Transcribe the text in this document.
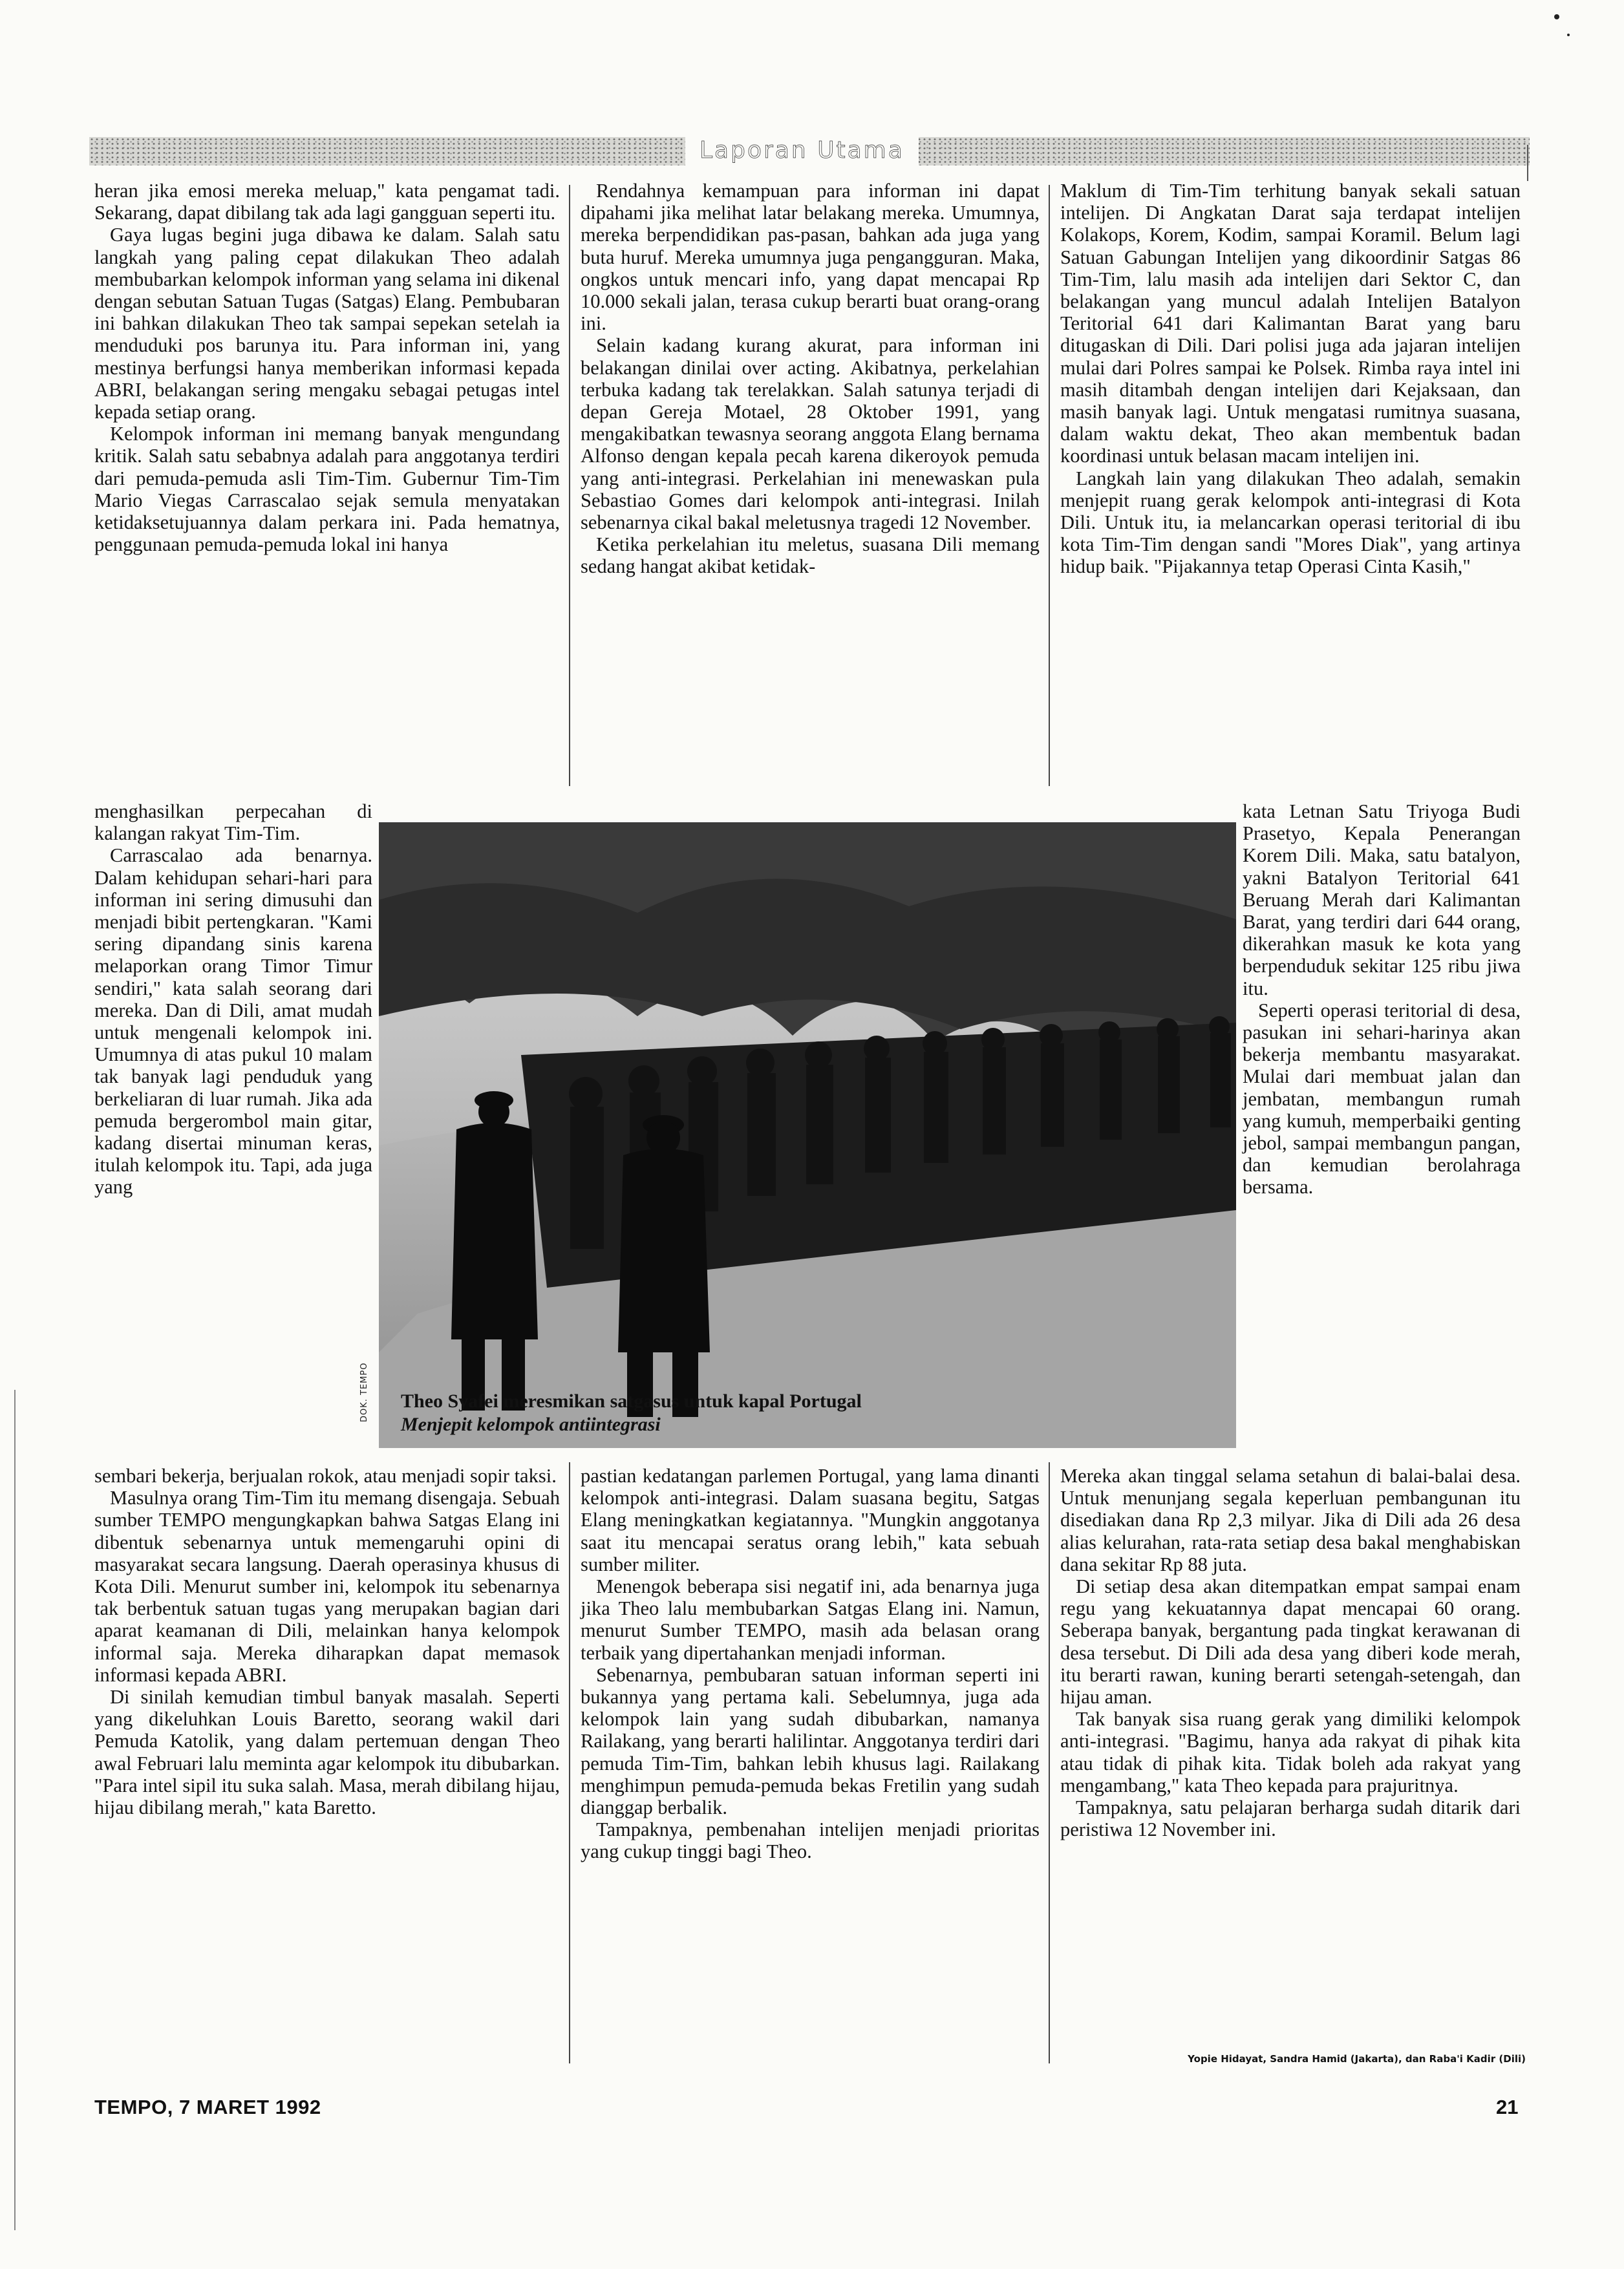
Laporan Utama

heran jika emosi mereka meluap," kata pengamat tadi. Sekarang, dapat dibilang tak ada lagi gangguan seperti itu.

Gaya lugas begini juga dibawa ke dalam. Salah satu langkah yang paling cepat dilakukan Theo adalah membubarkan kelompok informan yang selama ini dikenal dengan sebutan Satuan Tugas (Satgas) Elang. Pembubaran ini bahkan dilakukan Theo tak sampai sepekan setelah ia menduduki pos barunya itu. Para informan ini, yang mestinya berfungsi hanya memberikan informasi kepada ABRI, belakangan sering mengaku sebagai petugas intel kepada setiap orang.

Kelompok informan ini memang banyak mengundang kritik. Salah satu sebabnya adalah para anggotanya terdiri dari pemuda-pemuda asli Tim-Tim. Gubernur Tim-Tim Mario Viegas Carrascalao sejak semula menyatakan ketidaksetujuannya dalam perkara ini. Pada hematnya, penggunaan pemuda-pemuda lokal ini hanya

menghasilkan perpecahan di kalangan rakyat Tim-Tim.

Carrascalao ada benarnya. Dalam kehidupan sehari-hari para informan ini sering dimusuhi dan menjadi bibit pertengkaran. "Kami sering dipandang sinis karena melaporkan orang Timor Timur sendiri," kata salah seorang dari mereka. Dan di Dili, amat mudah untuk mengenali kelompok ini. Umumnya di atas pukul 10 malam tak banyak lagi penduduk yang berkeliaran di luar rumah. Jika ada pemuda bergerombol main gitar, kadang disertai minuman keras, itulah kelompok itu. Tapi, ada juga yang

Rendahnya kemampuan para informan ini dapat dipahami jika melihat latar belakang mereka. Umumnya, mereka berpendidikan pas-pasan, bahkan ada juga yang buta huruf. Mereka umumnya juga pengangguran. Maka, ongkos untuk mencari info, yang dapat mencapai Rp 10.000 sekali jalan, terasa cukup berarti buat orang-orang ini.

Selain kadang kurang akurat, para informan ini belakangan dinilai over acting. Akibatnya, perkelahian terbuka kadang tak terelakkan. Salah satunya terjadi di depan Gereja Motael, 28 Oktober 1991, yang mengakibatkan tewasnya seorang anggota Elang bernama Alfonso dengan kepala pecah karena dikeroyok pemuda yang anti-integrasi. Perkelahian ini menewaskan pula Sebastiao Gomes dari kelompok anti-integrasi. Inilah sebenarnya cikal bakal meletusnya tragedi 12 November.

Ketika perkelahian itu meletus, suasana Dili memang sedang hangat akibat ketidak-

Maklum di Tim-Tim terhitung banyak sekali satuan intelijen. Di Angkatan Darat saja terdapat intelijen Kolakops, Korem, Kodim, sampai Koramil. Belum lagi Satuan Gabungan Intelijen yang dikoordinir Satgas 86 Tim-Tim, lalu masih ada intelijen dari Sektor C, dan belakangan yang muncul adalah Intelijen Batalyon Teritorial 641 dari Kalimantan Barat yang baru ditugaskan di Dili. Dari polisi juga ada jajaran intelijen mulai dari Polres sampai ke Polsek. Rimba raya intel ini masih ditambah dengan intelijen dari Kejaksaan, dan masih banyak lagi. Untuk mengatasi rumitnya suasana, dalam waktu dekat, Theo akan membentuk badan koordinasi untuk belasan macam intelijen ini.

Langkah lain yang dilakukan Theo adalah, semakin menjepit ruang gerak kelompok anti-integrasi di Kota Dili. Untuk itu, ia melancarkan operasi teritorial di ibu kota Tim-Tim dengan sandi "Mores Diak", yang artinya hidup baik. "Pijakannya tetap Operasi Cinta Kasih,"

kata Letnan Satu Triyoga Budi Prasetyo, Kepala Penerangan Korem Dili. Maka, satu batalyon, yakni Batalyon Teritorial 641 Beruang Merah dari Kalimantan Barat, yang terdiri dari 644 orang, dikerahkan masuk ke kota yang berpenduduk sekitar 125 ribu jiwa itu.

Seperti operasi teritorial di desa, pasukan ini sehari-harinya akan bekerja membantu masyarakat. Mulai dari membuat jalan dan jembatan, membangun rumah yang kumuh, memperbaiki genting jebol, sampai membangun pangan, dan kemudian berolahraga bersama.

DOK. TEMPO	Theo Syafei meresmikan satgasus untuk kapal Portugal
Menjepit kelompok antiintegrasi

sembari bekerja, berjualan rokok, atau menjadi sopir taksi.

Masulnya orang Tim-Tim itu memang disengaja. Sebuah sumber TEMPO mengungkapkan bahwa Satgas Elang ini dibentuk sebenarnya untuk memengaruhi opini di masyarakat secara langsung. Daerah operasinya khusus di Kota Dili. Menurut sumber ini, kelompok itu sebenarnya tak berbentuk satuan tugas yang merupakan bagian dari aparat keamanan di Dili, melainkan hanya kelompok informal saja. Mereka diharapkan dapat memasok informasi kepada ABRI.

Di sinilah kemudian timbul banyak masalah. Seperti yang dikeluhkan Louis Baretto, seorang wakil dari Pemuda Katolik, yang dalam pertemuan dengan Theo awal Februari lalu meminta agar kelompok itu dibubarkan. "Para intel sipil itu suka salah. Masa, merah dibilang hijau, hijau dibilang merah," kata Baretto.

pastian kedatangan parlemen Portugal, yang lama dinanti kelompok anti-integrasi. Dalam suasana begitu, Satgas Elang meningkatkan kegiatannya. "Mungkin anggotanya saat itu mencapai seratus orang lebih," kata sebuah sumber militer.

Menengok beberapa sisi negatif ini, ada benarnya juga jika Theo lalu membubarkan Satgas Elang ini. Namun, menurut Sumber TEMPO, masih ada belasan orang terbaik yang dipertahankan menjadi informan.

Sebenarnya, pembubaran satuan informan seperti ini bukannya yang pertama kali. Sebelumnya, juga ada kelompok lain yang sudah dibubarkan, namanya Railakang, yang berarti halilintar. Anggotanya terdiri dari pemuda Tim-Tim, bahkan lebih khusus lagi. Railakang menghimpun pemuda-pemuda bekas Fretilin yang sudah dianggap berbalik.

Tampaknya, pembenahan intelijen menjadi prioritas yang cukup tinggi bagi Theo.

Mereka akan tinggal selama setahun di balai-balai desa. Untuk menunjang segala keperluan pembangunan itu disediakan dana Rp 2,3 milyar. Jika di Dili ada 26 desa alias kelurahan, rata-rata setiap desa bakal menghabiskan dana sekitar Rp 88 juta.

Di setiap desa akan ditempatkan empat sampai enam regu yang kekuatannya dapat mencapai 60 orang. Seberapa banyak, bergantung pada tingkat kerawanan di desa tersebut. Di Dili ada desa yang diberi kode merah, itu berarti rawan, kuning berarti setengah-setengah, dan hijau aman.

Tak banyak sisa ruang gerak yang dimiliki kelompok anti-integrasi. "Bagimu, hanya ada rakyat di pihak kita atau tidak di pihak kita. Tidak boleh ada rakyat yang mengambang," kata Theo kepada para prajuritnya.

Tampaknya, satu pelajaran berharga sudah ditarik dari peristiwa 12 November ini.

Yopie Hidayat, Sandra Hamid (Jakarta), dan Raba'i Kadir (Dili)
TEMPO, 7 MARET 1992	21
